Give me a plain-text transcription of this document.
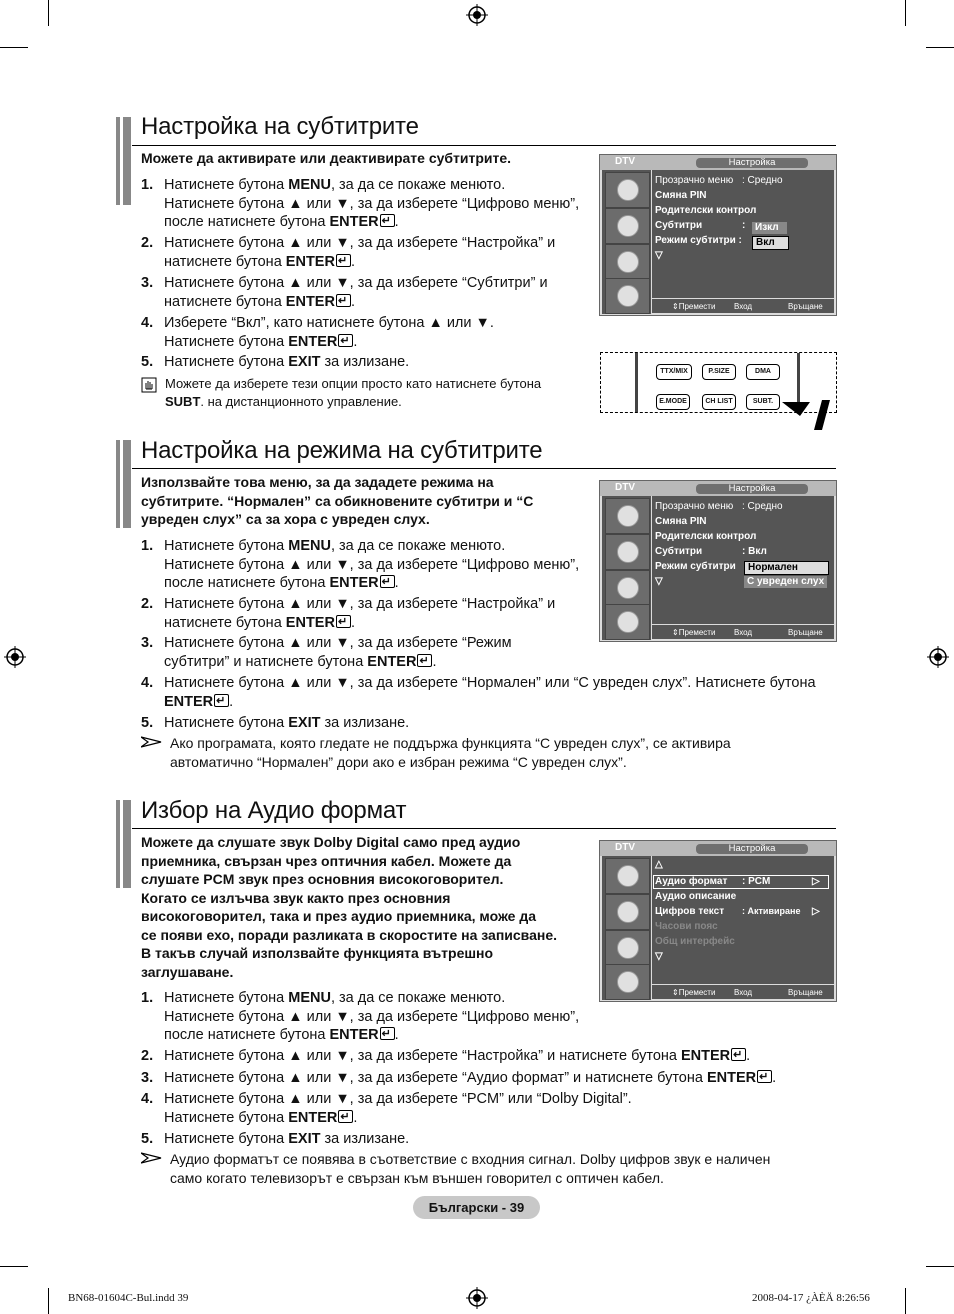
Настройка на субтитрите
Можете да активирате или деактивирате субтитрите.
1. Натиснете бутона MENU, за да се покаже менюто.
Натиснете бутона ▲ или ▼, за да изберете “Цифрово меню”,
после натиснете бутона ENTER ↵ .
2. Натиснете бутона ▲ или ▼, за да изберете “Настройка” и
натиснете бутона ENTER ↵ .
3. Натиснете бутона ▲ или ▼, за да изберете “Субтитри” и
натиснете бутона ENTER ↵ .
4. Изберете “Вкл”, като натиснете бутона ▲ или ▼.
Натиснете бутона ENTER ↵ .
5. Натиснете бутона EXIT за излизане.
Можете да изберете тези опции просто като натиснете бутона
SUBT. на дистанционното управление.
DTV	Настройка
Прозрачно меню : Средно
Смяна PIN
Родителски контрол
Субтитри	:
Режим субтитри :
▽
Изкл
Вкл
⇕Премести Вход	Връщане
TTX/MIX	P.SIZE	DMA
E.MODE	CH LIST	SUBT.
Настройка на режима на субтитрите
Използвайте това меню, за да зададете режима на
субтитрите. “Нормален” са обикновените субтитри и “С
увреден слух” са за хора с увреден слух.
1. Натиснете бутона MENU, за да се покаже менюто.
Натиснете бутона ▲ или ▼, за да изберете “Цифрово меню”,
после натиснете бутона ENTER ↵ .
2. Натиснете бутона ▲ или ▼, за да изберете “Настройка” и
натиснете бутона ENTER ↵ .
3. Натиснете бутона ▲ или ▼, за да изберете “Режим
субтитри” и натиснете бутона ENTER ↵ .
4. Натиснете бутона ▲ или ▼, за да изберете “Нормален” или “С увреден слух”. Натиснете бутона
ENTER ↵ .
5. Натиснете бутона EXIT за излизане.
Ако програмата, която гледате не поддържа функцията “С увреден слух”, се активира
автоматично “Нормален” дори ако е избран режима “С увреден слух”.
DTV	Настройка
Прозрачно меню : Средно
Смяна PIN
Родителски контрол
Субтитри	: Вкл
Режим субтитри
▽
Нормален
С увреден слух
⇕Премести Вход	Връщане
Избор на Аудио формат
Можете да слушате звук Dolby Digital само пред аудио
приемника, свързан чрез оптичния кабел. Можете да
слушате PCM звук през основния високоговорител.
Когато се излъчва звук както през основния
високоговорител, така и през аудио приемника, може да
се появи ехо, поради разликата в скоростите на записване.
В такъв случай използвайте функцията вътрешно
заглушаване.
1. Натиснете бутона MENU, за да се покаже менюто.
Натиснете бутона ▲ или ▼, за да изберете “Цифрово меню”,
после натиснете бутона ENTER ↵ .
2. Натиснете бутона ▲ или ▼, за да изберете “Настройка” и натиснете бутона ENTER ↵ .
3. Натиснете бутона ▲ или ▼, за да изберете “Аудио формат” и натиснете бутона ENTER ↵ .
4. Натиснете бутона ▲ или ▼, за да изберете “PCM” или “Dolby Digital”.
Натиснете бутона ENTER ↵ .
5. Натиснете бутона EXIT за излизане.
Аудио форматът се появява в съответствие с входния сигнал. Dolby цифров звук е наличен
само когато телевизорът е свързан към външен говорител с оптичен кабел.
DTV	Настройка
△
Аудио формат : PCM	▷
Аудио описание
Цифров текст : Активиране ▷
Часови пояс
Общ интерфейс
▽
⇕Премести Вход	Връщане
Български - 39
BN68-01604C-Bul.indd 39	2008-04-17 ¿ÀÈÄ 8:26:56
